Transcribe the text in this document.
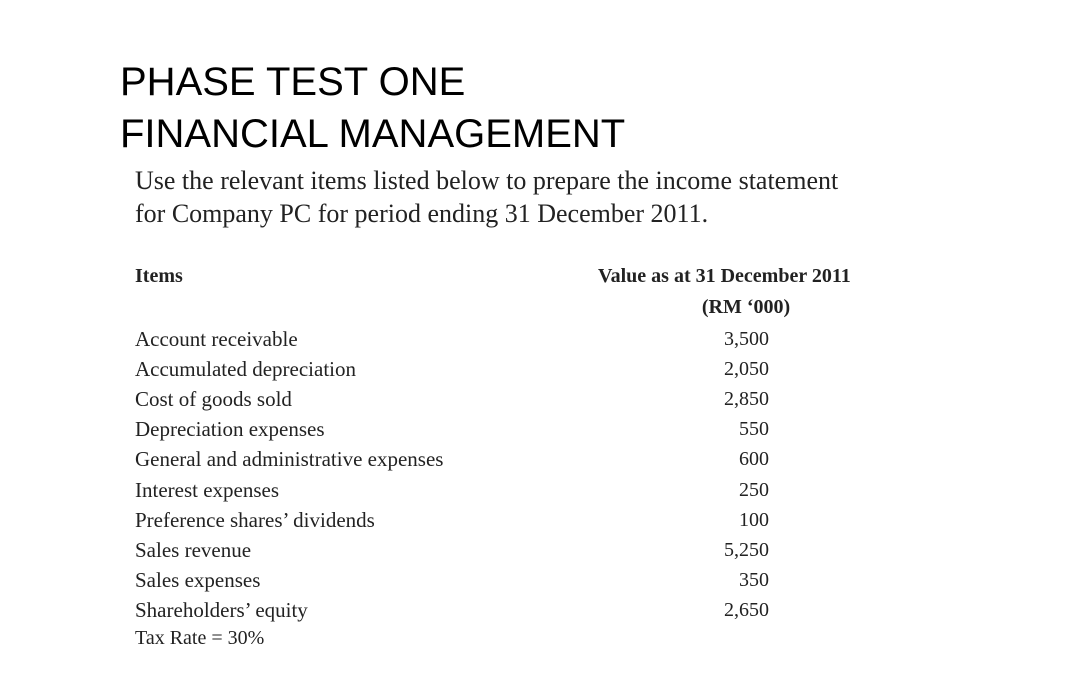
PHASE TEST ONE
FINANCIAL MANAGEMENT

Use the relevant items listed below to prepare the income statement
for Company PC for period ending 31 December 2011.

Items	Value as at 31 December 2011
(RM ‘000)
Account receivable	3,500
Accumulated depreciation	2,050
Cost of goods sold	2,850
Depreciation expenses	550
General and administrative expenses	600
Interest expenses	250
Preference shares’ dividends	100
Sales revenue	5,250
Sales expenses	350
Shareholders’ equity	2,650
Tax Rate = 30%
